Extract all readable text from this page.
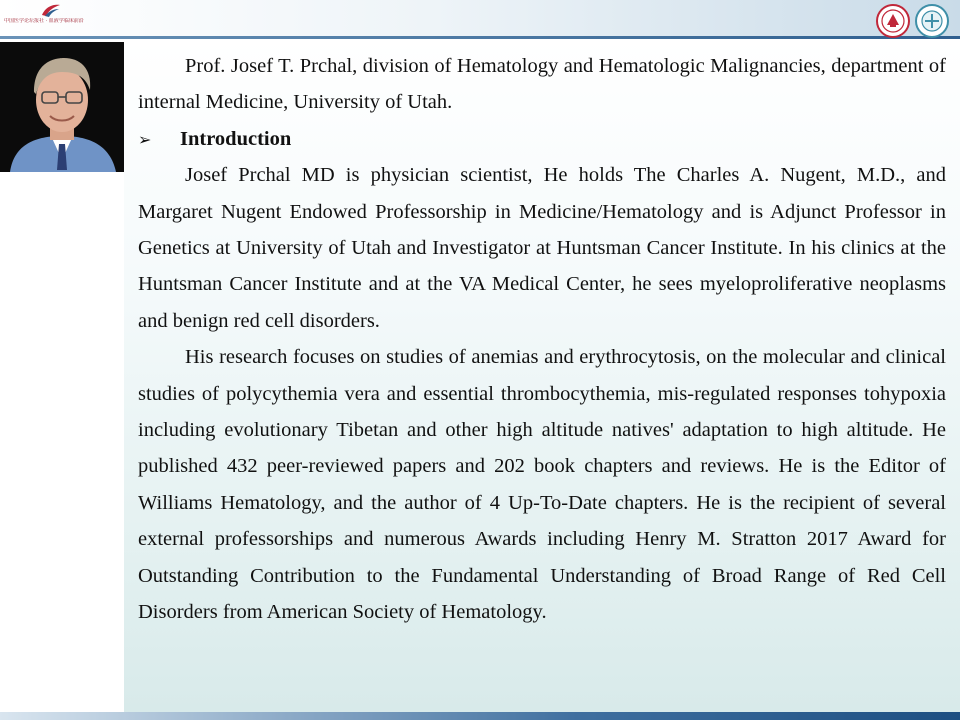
中国医学论坛报社 · 血液学临床前沿

Prof. Josef T. Prchal, division of Hematology and Hematologic Malignancies, department of internal Medicine, University of Utah.

➢	Introduction

Josef Prchal MD is physician scientist, He holds The Charles A. Nugent, M.D., and Margaret Nugent Endowed Professorship in Medicine/Hematology and is Adjunct Professor in Genetics at University of Utah and Investigator at Huntsman Cancer Institute. In his clinics at the Huntsman Cancer Institute and at the VA Medical Center, he sees myeloproliferative neoplasms and benign red cell disorders.

His research focuses on studies of anemias and erythrocytosis, on the molecular and clinical studies of polycythemia vera and essential thrombocythemia, mis-regulated responses tohypoxia including evolutionary Tibetan and other high altitude natives' adaptation to high altitude. He published 432 peer-reviewed papers and 202 book chapters and reviews. He is the Editor of Williams Hematology, and the author of 4 Up-To-Date chapters. He is the recipient of several external professorships and numerous Awards including Henry M. Stratton 2017 Award for Outstanding Contribution to the Fundamental Understanding of Broad Range of Red Cell Disorders from American Society of Hematology.
